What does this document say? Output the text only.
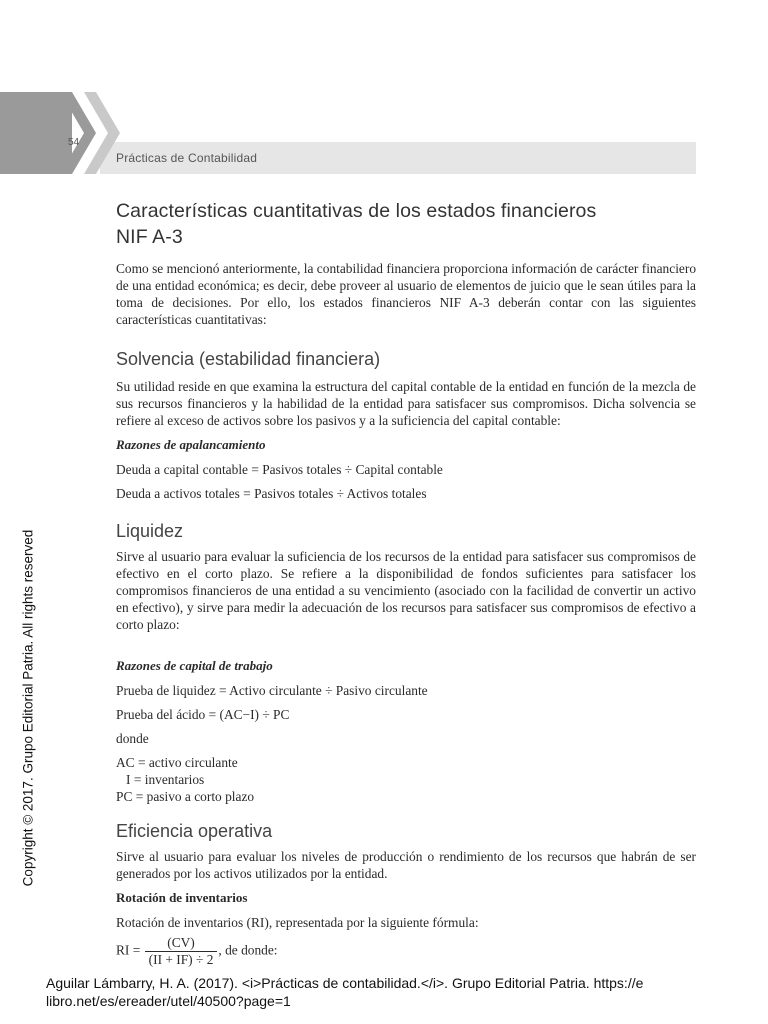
54
Prácticas de Contabilidad
Características cuantitativas de los estados financieros
NIF A-3

Como se mencionó anteriormente, la contabilidad financiera proporciona información de carácter financiero de una entidad económica; es decir, debe proveer al usuario de elementos de juicio que le sean útiles para la toma de decisiones. Por ello, los estados financieros NIF A-3 deberán contar con las siguientes características cuantitativas:

Solvencia (estabilidad financiera)

Su utilidad reside en que examina la estructura del capital contable de la entidad en función de la mezcla de sus recursos financieros y la habilidad de la entidad para satisfacer sus compromisos. Dicha solvencia se refiere al exceso de activos sobre los pasivos y a la suficiencia del capital contable:

Razones de apalancamiento
Deuda a capital contable = Pasivos totales ÷ Capital contable
Deuda a activos totales = Pasivos totales ÷ Activos totales
Liquidez

Sirve al usuario para evaluar la suficiencia de los recursos de la entidad para satisfacer sus compromisos de efectivo en el corto plazo. Se refiere a la disponibilidad de fondos suficientes para satisfacer los compromisos financieros de una entidad a su vencimiento (asociado con la facilidad de convertir un activo en efectivo), y sirve para medir la adecuación de los recursos para satisfacer sus compromisos de efectivo a corto plazo:

Razones de capital de trabajo
Prueba de liquidez = Activo circulante ÷ Pasivo circulante
Prueba del ácido = (AC−I) ÷ PC
donde
AC = activo circulante
I = inventarios
PC = pasivo a corto plazo
Eficiencia operativa

Sirve al usuario para evaluar los niveles de producción o rendimiento de los recursos que habrán de ser generados por los activos utilizados por la entidad.

Rotación de inventarios
Rotación de inventarios (RI), representada por la siguiente fórmula:
RI = $\frac{(CV)}{(II + IF) \div 2}$ , de donde:
Copyright © 2017. Grupo Editorial Patria. All rights reserved
Aguilar Lámbarry, H. A. (2017). <i>Prácticas de contabilidad.</i>. Grupo Editorial Patria. https://e
libro.net/es/ereader/utel/40500?page=1
